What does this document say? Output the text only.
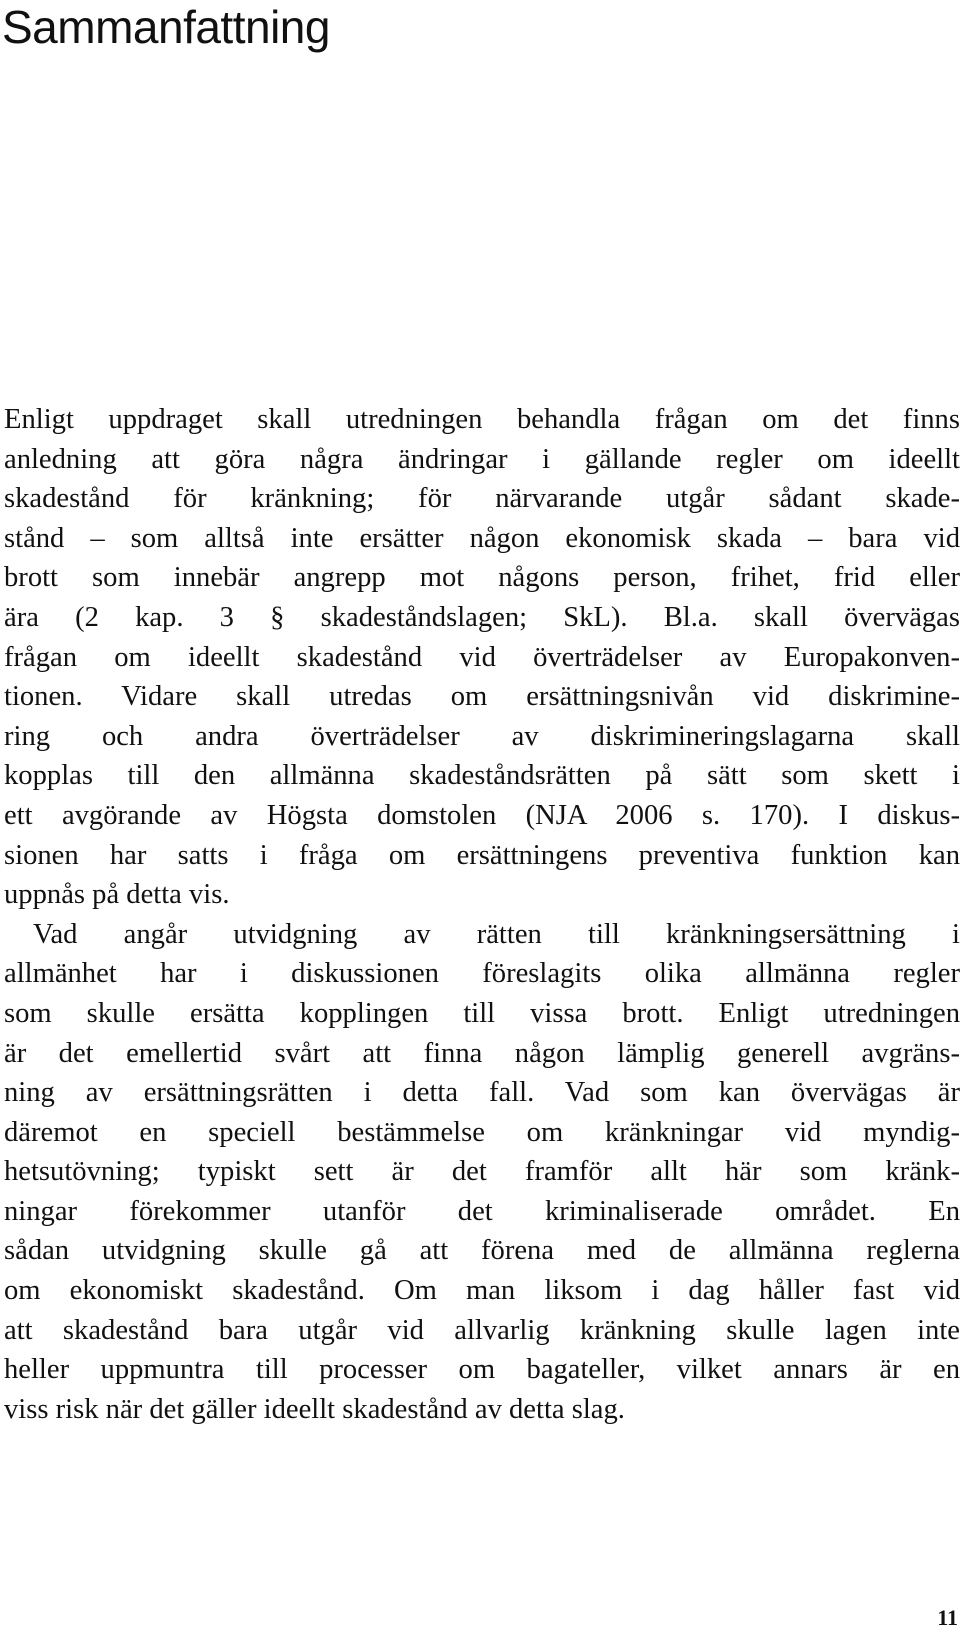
Sammanfattning
Enligt uppdraget skall utredningen behandla frågan om det finns
anledning att göra några ändringar i gällande regler om ideellt
skadestånd för kränkning; för närvarande utgår sådant skade-
stånd – som alltså inte ersätter någon ekonomisk skada – bara vid
brott som innebär angrepp mot någons person, frihet, frid eller
ära (2 kap. 3 § skadeståndslagen; SkL). Bl.a. skall övervägas
frågan om ideellt skadestånd vid överträdelser av Europakonven-
tionen. Vidare skall utredas om ersättningsnivån vid diskrimine-
ring och andra överträdelser av diskrimineringslagarna skall
kopplas till den allmänna skadeståndsrätten på sätt som skett i
ett avgörande av Högsta domstolen (NJA 2006 s. 170). I diskus-
sionen har satts i fråga om ersättningens preventiva funktion kan
uppnås på detta vis.
Vad angår utvidgning av rätten till kränkningsersättning i
allmänhet har i diskussionen föreslagits olika allmänna regler
som skulle ersätta kopplingen till vissa brott. Enligt utredningen
är det emellertid svårt att finna någon lämplig generell avgräns-
ning av ersättningsrätten i detta fall. Vad som kan övervägas är
däremot en speciell bestämmelse om kränkningar vid myndig-
hetsutövning; typiskt sett är det framför allt här som kränk-
ningar förekommer utanför det kriminaliserade området. En
sådan utvidgning skulle gå att förena med de allmänna reglerna
om ekonomiskt skadestånd. Om man liksom i dag håller fast vid
att skadestånd bara utgår vid allvarlig kränkning skulle lagen inte
heller uppmuntra till processer om bagateller, vilket annars är en
viss risk när det gäller ideellt skadestånd av detta slag.
11
